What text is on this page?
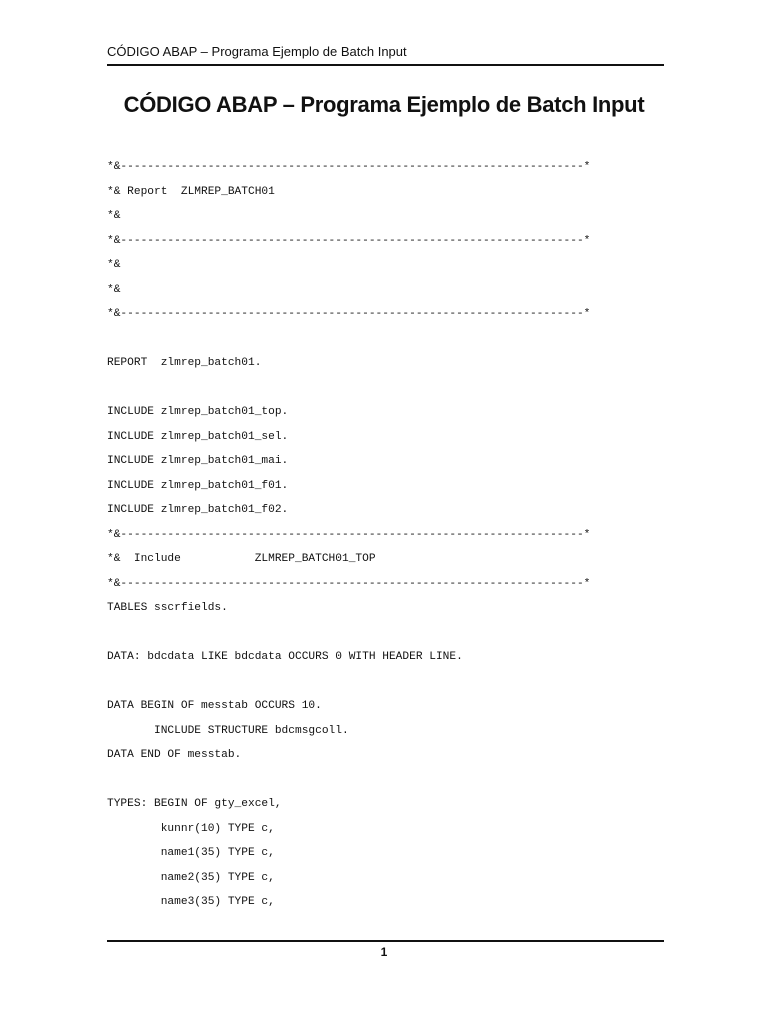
CÓDIGO ABAP – Programa Ejemplo de Batch Input
CÓDIGO ABAP – Programa Ejemplo de Batch Input
*&---------------------------------------------------------------------*
*& Report  ZLMREP_BATCH01
*&
*&---------------------------------------------------------------------*
*&
*&
*&---------------------------------------------------------------------*
REPORT  zlmrep_batch01.
INCLUDE zlmrep_batch01_top.
INCLUDE zlmrep_batch01_sel.
INCLUDE zlmrep_batch01_mai.
INCLUDE zlmrep_batch01_f01.
INCLUDE zlmrep_batch01_f02.
*&---------------------------------------------------------------------*
*&  Include           ZLMREP_BATCH01_TOP
*&---------------------------------------------------------------------*
TABLES sscrfields.
DATA: bdcdata LIKE bdcdata OCCURS 0 WITH HEADER LINE.
DATA BEGIN OF messtab OCCURS 10.
INCLUDE STRUCTURE bdcmsgcoll.
DATA END OF messtab.
TYPES: BEGIN OF gty_excel,
kunnr(10) TYPE c,
name1(35) TYPE c,
name2(35) TYPE c,
name3(35) TYPE c,
1
